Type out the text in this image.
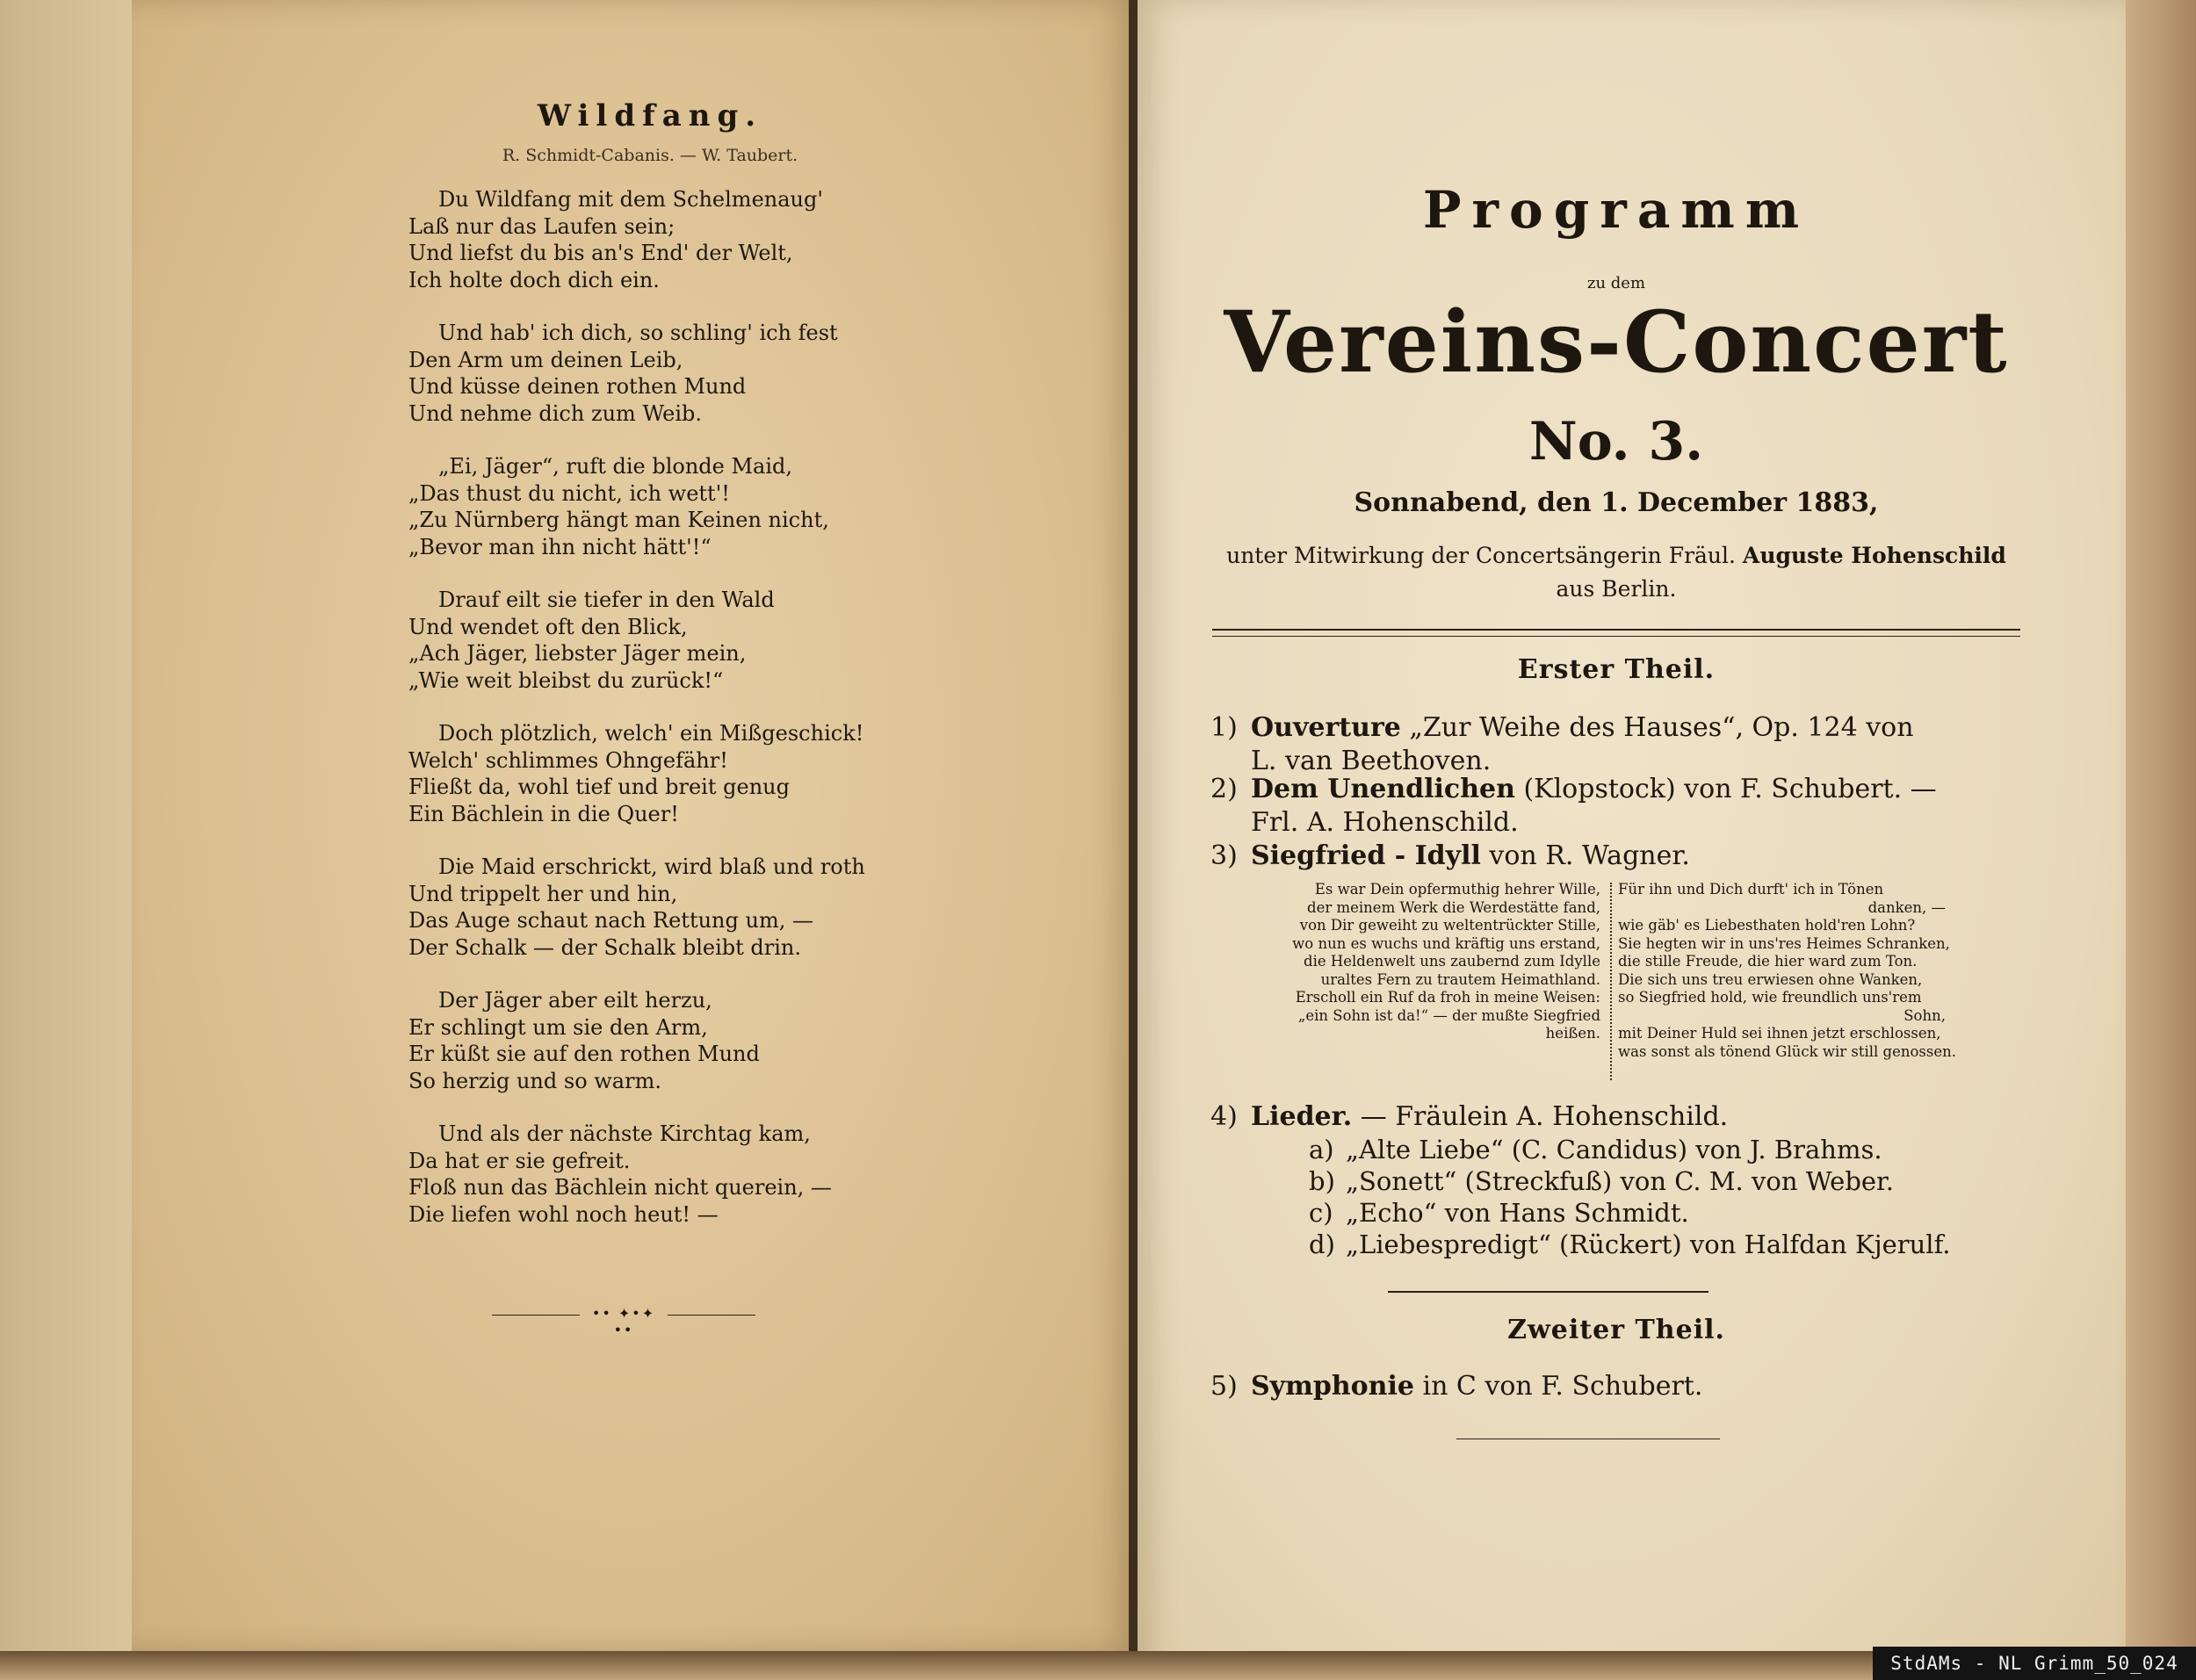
Wildfang.
R. Schmidt-Cabanis. — W. Taubert.
Du Wildfang mit dem Schelmenaug'
Laß nur das Laufen sein;
Und liefst du bis an's End' der Welt,
Ich holte doch dich ein.
Und hab' ich dich, so schling' ich fest
Den Arm um deinen Leib,
Und küsse deinen rothen Mund
Und nehme dich zum Weib.
„Ei, Jäger“, ruft die blonde Maid,
„Das thust du nicht, ich wett'!
„Zu Nürnberg hängt man Keinen nicht,
„Bevor man ihn nicht hätt'!“
Drauf eilt sie tiefer in den Wald
Und wendet oft den Blick,
„Ach Jäger, liebster Jäger mein,
„Wie weit bleibst du zurück!“
Doch plötzlich, welch' ein Mißgeschick!
Welch' schlimmes Ohngefähr!
Fließt da, wohl tief und breit genug
Ein Bächlein in die Quer!
Die Maid erschrickt, wird blaß und roth
Und trippelt her und hin,
Das Auge schaut nach Rettung um, —
Der Schalk — der Schalk bleibt drin.
Der Jäger aber eilt herzu,
Er schlingt um sie den Arm,
Er küßt sie auf den rothen Mund
So herzig und so warm.
Und als der nächste Kirchtag kam,
Da hat er sie gefreit.
Floß nun das Bächlein nicht querein, —
Die liefen wohl noch heut! —
•• ✦•✦ ••
Programm
zu dem
Vereins-Concert
No. 3.
Sonnabend, den 1. December 1883,
unter Mitwirkung der Concertsängerin Fräul. Auguste Hohenschild
aus Berlin.
Erster Theil.
1) Ouverture „Zur Weihe des Hauses“, Op. 124 von
L. van Beethoven.
2) Dem Unendlichen (Klopstock) von F. Schubert. —
Frl. A. Hohenschild.
3) Siegfried - Idyll von R. Wagner.
Es war Dein opfermuthig hehrer Wille,
der meinem Werk die Werdestätte fand,
von Dir geweiht zu weltentrückter Stille,
wo nun es wuchs und kräftig uns erstand,
die Heldenwelt uns zaubernd zum Idylle
uraltes Fern zu trautem Heimathland.
Erscholl ein Ruf da froh in meine Weisen:
„ein Sohn ist da!“ — der mußte Siegfried
heißen.
Für ihn und Dich durft' ich in Tönen
danken, —
wie gäb' es Liebesthaten hold'ren Lohn?
Sie hegten wir in uns'res Heimes Schranken,
die stille Freude, die hier ward zum Ton.
Die sich uns treu erwiesen ohne Wanken,
so Siegfried hold, wie freundlich uns'rem
Sohn,
mit Deiner Huld sei ihnen jetzt erschlossen,
was sonst als tönend Glück wir still genossen.
4) Lieder. — Fräulein A. Hohenschild.
a) „Alte Liebe“ (C. Candidus) von J. Brahms.
b) „Sonett“ (Streckfuß) von C. M. von Weber.
c) „Echo“ von Hans Schmidt.
d) „Liebespredigt“ (Rückert) von Halfdan Kjerulf.
Zweiter Theil.
5) Symphonie in C von F. Schubert.
StdAMs - NL Grimm_50_024
